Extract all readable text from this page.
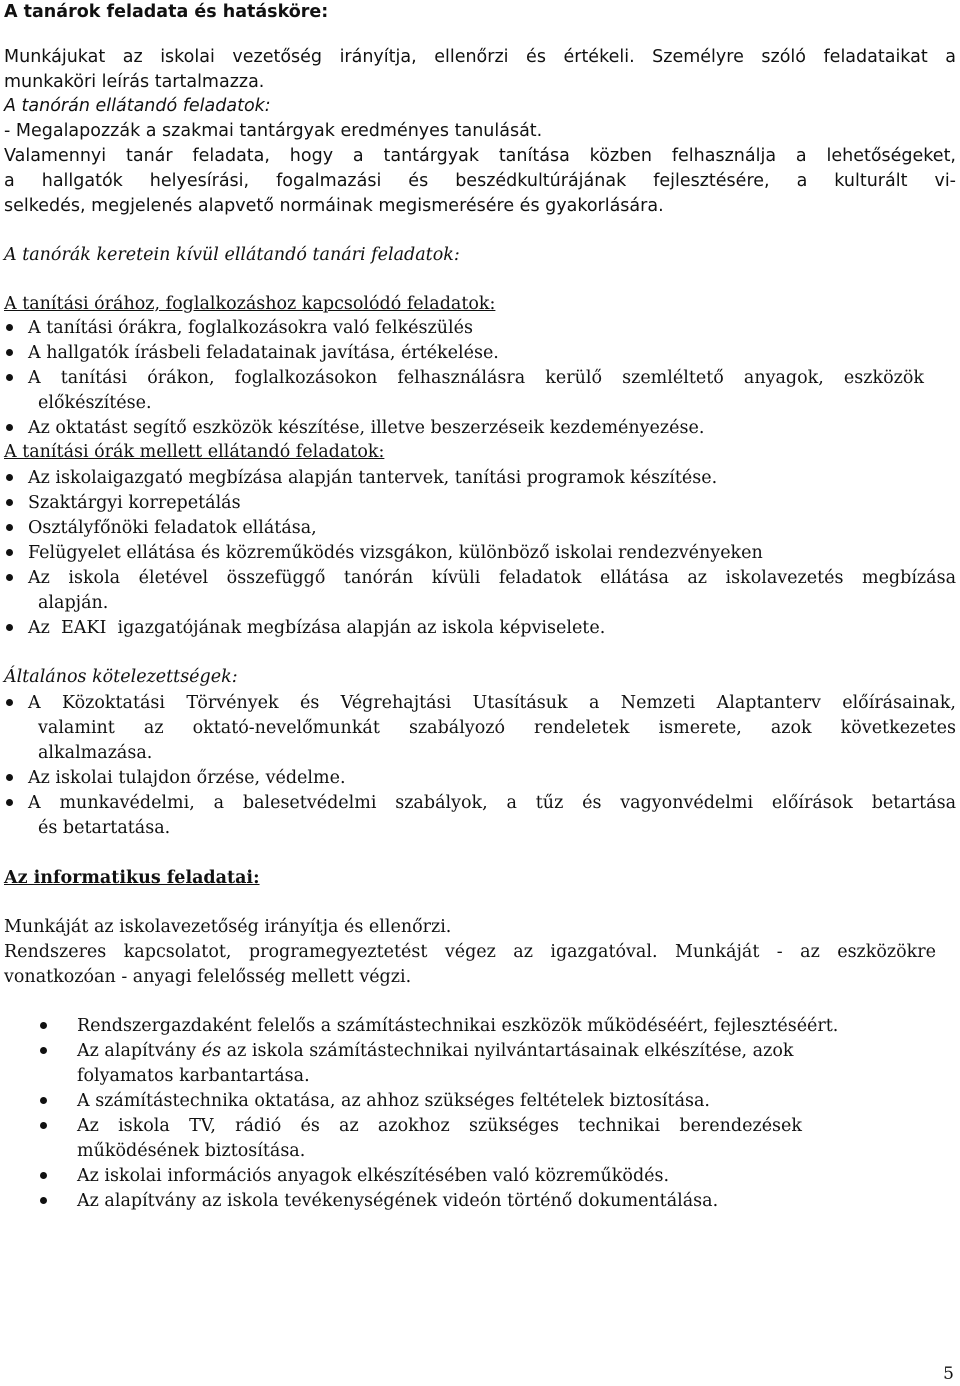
A tanárok feladata és hatásköre:
Munkájukat az iskolai vezetőség irányítja, ellenőrzi és értékeli. Személyre szóló feladataikat a
munkaköri leírás tartalmazza.
A tanórán ellátandó feladatok:
- Megalapozzák a szakmai tantárgyak eredményes tanulását.
Valamennyi tanár feladata, hogy a tantárgyak tanítása közben felhasználja a lehetőségeket,
a hallgatók helyesírási, fogalmazási és beszédkultúrájának fejlesztésére, a kulturált vi-
selkedés, megjelenés alapvető normáinak megismerésére és gyakorlására.
A tanórák keretein kívül ellátandó tanári feladatok:
A tanítási órához, foglalkozáshoz kapcsolódó feladatok:
A tanítási órákra, foglalkozásokra való felkészülés
A hallgatók írásbeli feladatainak javítása, értékelése.
A tanítási órákon, foglalkozásokon felhasználásra kerülő szemléltető anyagok, eszközök
előkészítése.
Az oktatást segítő eszközök készítése, illetve beszerzéseik kezdeményezése.
A tanítási órák mellett ellátandó feladatok:
Az iskolaigazgató megbízása alapján tantervek, tanítási programok készítése.
Szaktárgyi korrepetálás
Osztályfőnöki feladatok ellátása,
Felügyelet ellátása és közreműködés vizsgákon, különböző iskolai rendezvényeken
Az iskola életével összefüggő tanórán kívüli feladatok ellátása az iskolavezetés megbízása
alapján.
Az  EAKI  igazgatójának megbízása alapján az iskola képviselete.
Általános kötelezettségek:
A Közoktatási Törvények és Végrehajtási Utasításuk a Nemzeti Alaptanterv előírásainak,
valamint az oktató-nevelőmunkát szabályozó rendeletek ismerete, azok következetes
alkalmazása.
Az iskolai tulajdon őrzése, védelme.
A munkavédelmi, a balesetvédelmi szabályok, a tűz és vagyonvédelmi előírások betartása
és betartatása.
Az informatikus feladatai:
Munkáját az iskolavezetőség irányítja és ellenőrzi.
Rendszeres kapcsolatot, programegyeztetést végez az igazgatóval. Munkáját - az eszközökre
vonatkozóan - anyagi felelősség mellett végzi.
Rendszergazdaként felelős a számítástechnikai eszközök működéséért, fejlesztéséért.
Az alapítvány és az iskola számítástechnikai nyilvántartásainak elkészítése, azok
folyamatos karbantartása.
A számítástechnika oktatása, az ahhoz szükséges feltételek biztosítása.
Az iskola TV, rádió és az azokhoz szükséges technikai berendezések
működésének biztosítása.
Az iskolai információs anyagok elkészítésében való közreműködés.
Az alapítvány az iskola tevékenységének videón történő dokumentálása.
5
